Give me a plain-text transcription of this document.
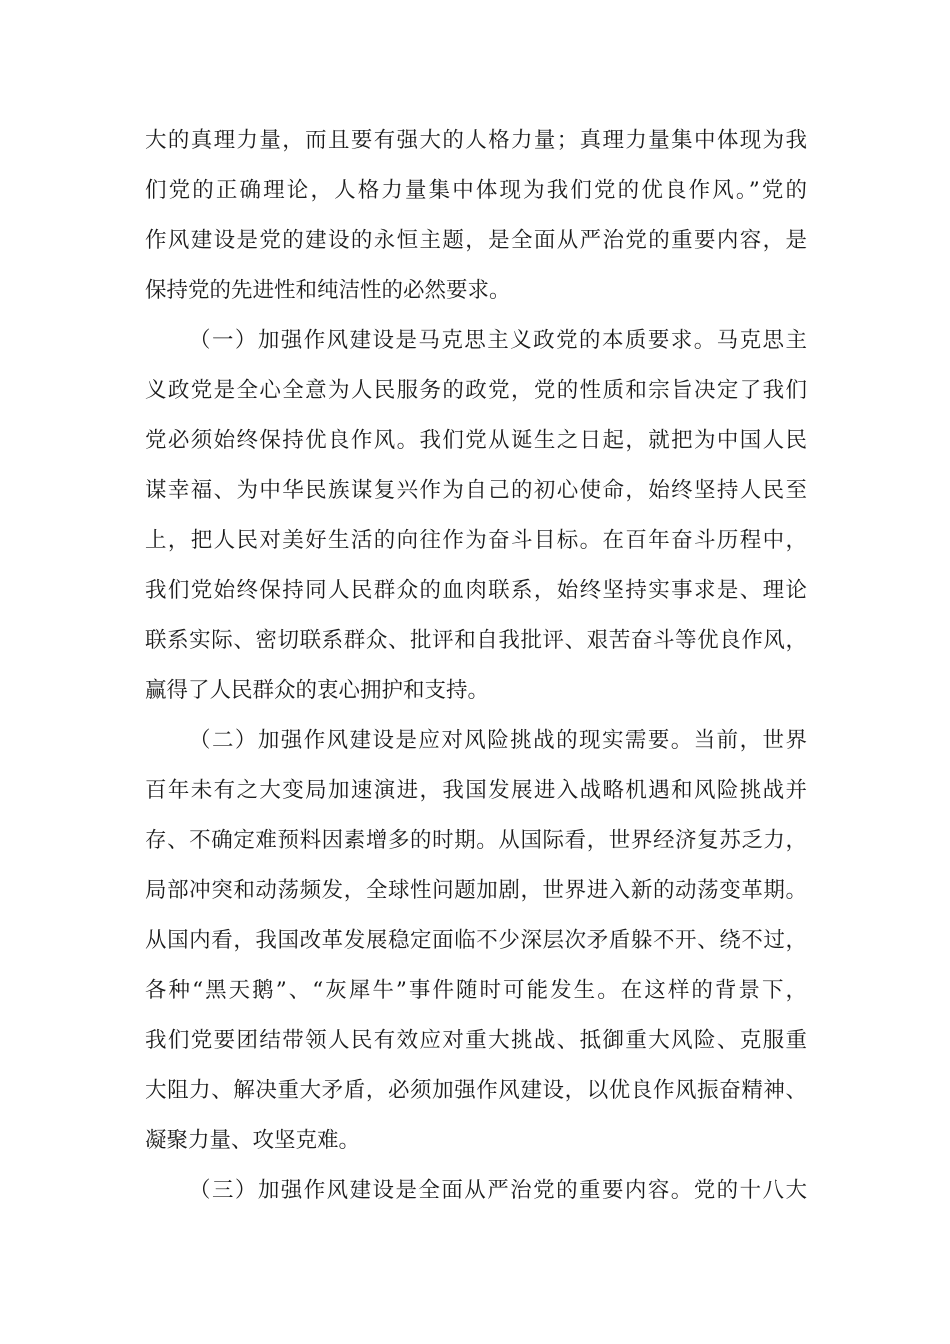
大的真理力量，而且要有强大的人格力量；真理力量集中体现为我
们党的正确理论，人格力量集中体现为我们党的优良作风。”党的
作风建设是党的建设的永恒主题，是全面从严治党的重要内容，是
保持党的先进性和纯洁性的必然要求。
（一）加强作风建设是马克思主义政党的本质要求。马克思主
义政党是全心全意为人民服务的政党，党的性质和宗旨决定了我们
党必须始终保持优良作风。我们党从诞生之日起，就把为中国人民
谋幸福、为中华民族谋复兴作为自己的初心使命，始终坚持人民至
上，把人民对美好生活的向往作为奋斗目标。在百年奋斗历程中，
我们党始终保持同人民群众的血肉联系，始终坚持实事求是、理论
联系实际、密切联系群众、批评和自我批评、艰苦奋斗等优良作风，
赢得了人民群众的衷心拥护和支持。
（二）加强作风建设是应对风险挑战的现实需要。当前，世界
百年未有之大变局加速演进，我国发展进入战略机遇和风险挑战并
存、不确定难预料因素增多的时期。从国际看，世界经济复苏乏力，
局部冲突和动荡频发，全球性问题加剧，世界进入新的动荡变革期。
从国内看，我国改革发展稳定面临不少深层次矛盾躲不开、绕不过，
各种“黑天鹅”、“灰犀牛”事件随时可能发生。在这样的背景下，
我们党要团结带领人民有效应对重大挑战、抵御重大风险、克服重
大阻力、解决重大矛盾，必须加强作风建设，以优良作风振奋精神、
凝聚力量、攻坚克难。
（三）加强作风建设是全面从严治党的重要内容。党的十八大
